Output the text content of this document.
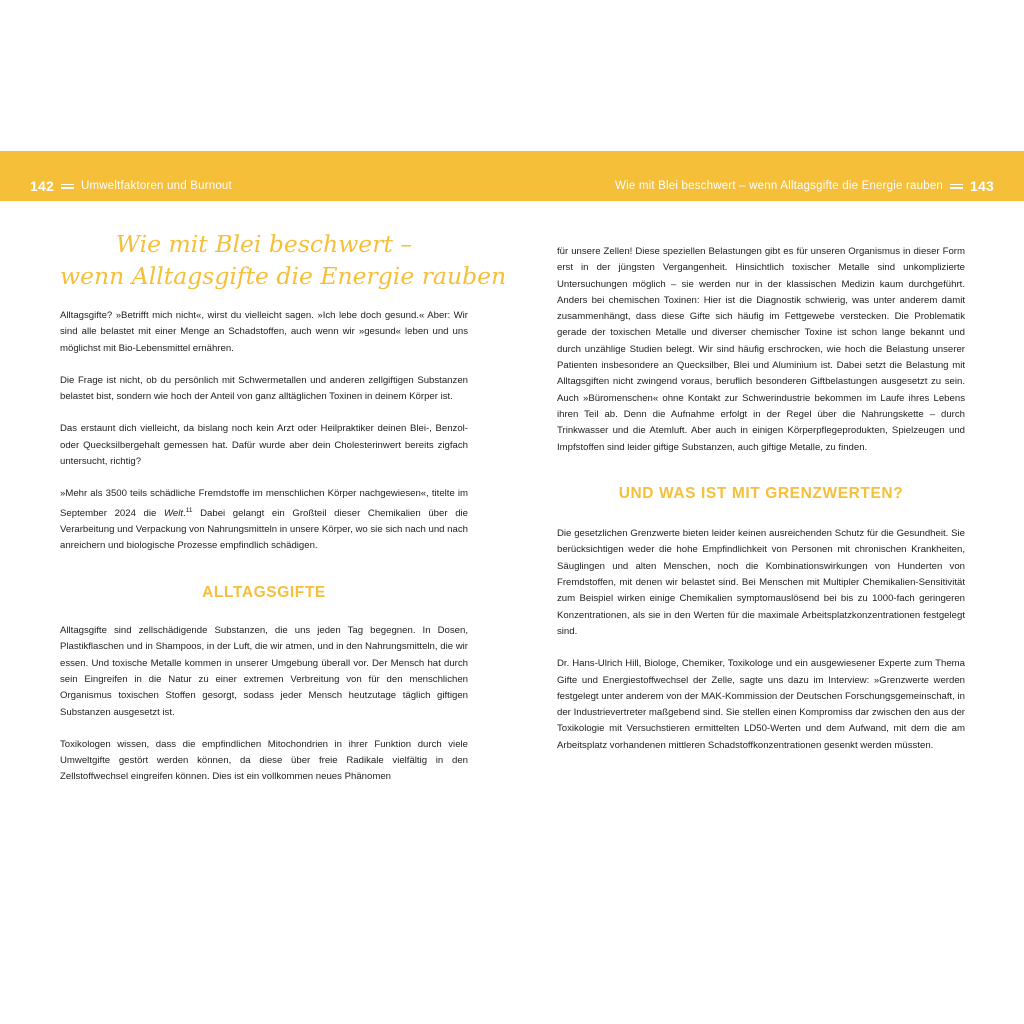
142 Umweltfaktoren und Burnout	Wie mit Blei beschwert – wenn Alltagsgifte die Energie rauben 143
Wie mit Blei beschwert –
wenn Alltagsgifte die Energie rauben

Alltagsgifte? »Betrifft mich nicht«, wirst du vielleicht sagen. »Ich lebe doch gesund.« Aber: Wir sind alle belastet mit einer Menge an Schadstoffen, auch wenn wir »gesund« leben und uns möglichst mit Bio-Lebensmittel ernähren.

Die Frage ist nicht, ob du persönlich mit Schwermetallen und anderen zellgiftigen Substanzen belastet bist, sondern wie hoch der Anteil von ganz alltäglichen Toxinen in deinem Körper ist.

Das erstaunt dich vielleicht, da bislang noch kein Arzt oder Heilpraktiker deinen Blei-, Benzol- oder Quecksilbergehalt gemessen hat. Dafür wurde aber dein Cholesterinwert bereits zigfach untersucht, richtig?

»Mehr als 3500 teils schädliche Fremdstoffe im menschlichen Körper nachgewiesen«, titelte im September 2024 die Welt.$^{11}$ Dabei gelangt ein Großteil dieser Chemikalien über die Verarbeitung und Verpackung von Nahrungsmitteln in unsere Körper, wo sie sich nach und nach anreichern und biologische Prozesse empfindlich schädigen.

ALLTAGSGIFTE

Alltagsgifte sind zellschädigende Substanzen, die uns jeden Tag begegnen. In Dosen, Plastikflaschen und in Shampoos, in der Luft, die wir atmen, und in den Nahrungsmitteln, die wir essen. Und toxische Metalle kommen in unserer Umgebung überall vor. Der Mensch hat durch sein Eingreifen in die Natur zu einer extremen Verbreitung von für den menschlichen Organismus toxischen Stoffen gesorgt, sodass jeder Mensch heutzutage täglich giftigen Substanzen ausgesetzt ist.

Toxikologen wissen, dass die empfindlichen Mitochondrien in ihrer Funktion durch viele Umweltgifte gestört werden können, da diese über freie Radikale vielfältig in den Zellstoffwechsel eingreifen können. Dies ist ein vollkommen neues Phänomen

für unsere Zellen! Diese speziellen Belastungen gibt es für unseren Organismus in dieser Form erst in der jüngsten Vergangenheit. Hinsichtlich toxischer Metalle sind unkomplizierte Untersuchungen möglich – sie werden nur in der klassischen Medizin kaum durchgeführt. Anders bei chemischen Toxinen: Hier ist die Diagnostik schwierig, was unter anderem damit zusammenhängt, dass diese Gifte sich häufig im Fettgewebe verstecken. Die Problematik gerade der toxischen Metalle und diverser chemischer Toxine ist schon lange bekannt und durch unzählige Studien belegt. Wir sind häufig erschrocken, wie hoch die Belastung unserer Patienten insbesondere an Quecksilber, Blei und Aluminium ist. Dabei setzt die Belastung mit Alltagsgiften nicht zwingend voraus, beruflich besonderen Giftbelastungen ausgesetzt zu sein. Auch »Büromenschen« ohne Kontakt zur Schwerindustrie bekommen im Laufe ihres Lebens ihren Teil ab. Denn die Aufnahme erfolgt in der Regel über die Nahrungskette – durch Trinkwasser und die Atemluft. Aber auch in einigen Körperpflegeprodukten, Spielzeugen und Impfstoffen sind leider giftige Substanzen, auch giftige Metalle, zu finden.

UND WAS IST MIT GRENZWERTEN?

Die gesetzlichen Grenzwerte bieten leider keinen ausreichenden Schutz für die Gesundheit. Sie berücksichtigen weder die hohe Empfindlichkeit von Personen mit chronischen Krankheiten, Säuglingen und alten Menschen, noch die Kombinationswirkungen von Hunderten von Fremdstoffen, mit denen wir belastet sind. Bei Menschen mit Multipler Chemikalien-Sensitivität zum Beispiel wirken einige Chemikalien symptomauslösend bei bis zu 1000-fach geringeren Konzentrationen, als sie in den Werten für die maximale Arbeitsplatzkonzentrationen festgelegt sind.

Dr. Hans-Ulrich Hill, Biologe, Chemiker, Toxikologe und ein ausgewiesener Experte zum Thema Gifte und Energiestoffwechsel der Zelle, sagte uns dazu im Interview: »Grenzwerte werden festgelegt unter anderem von der MAK-Kommission der Deutschen Forschungsgemeinschaft, in der Industrievertreter maßgebend sind. Sie stellen einen Kompromiss dar zwischen den aus der Toxikologie mit Versuchstieren ermittelten LD50-Werten und dem Aufwand, mit dem die am Arbeitsplatz vorhandenen mittleren Schadstoffkonzentrationen gesenkt werden müssten.
